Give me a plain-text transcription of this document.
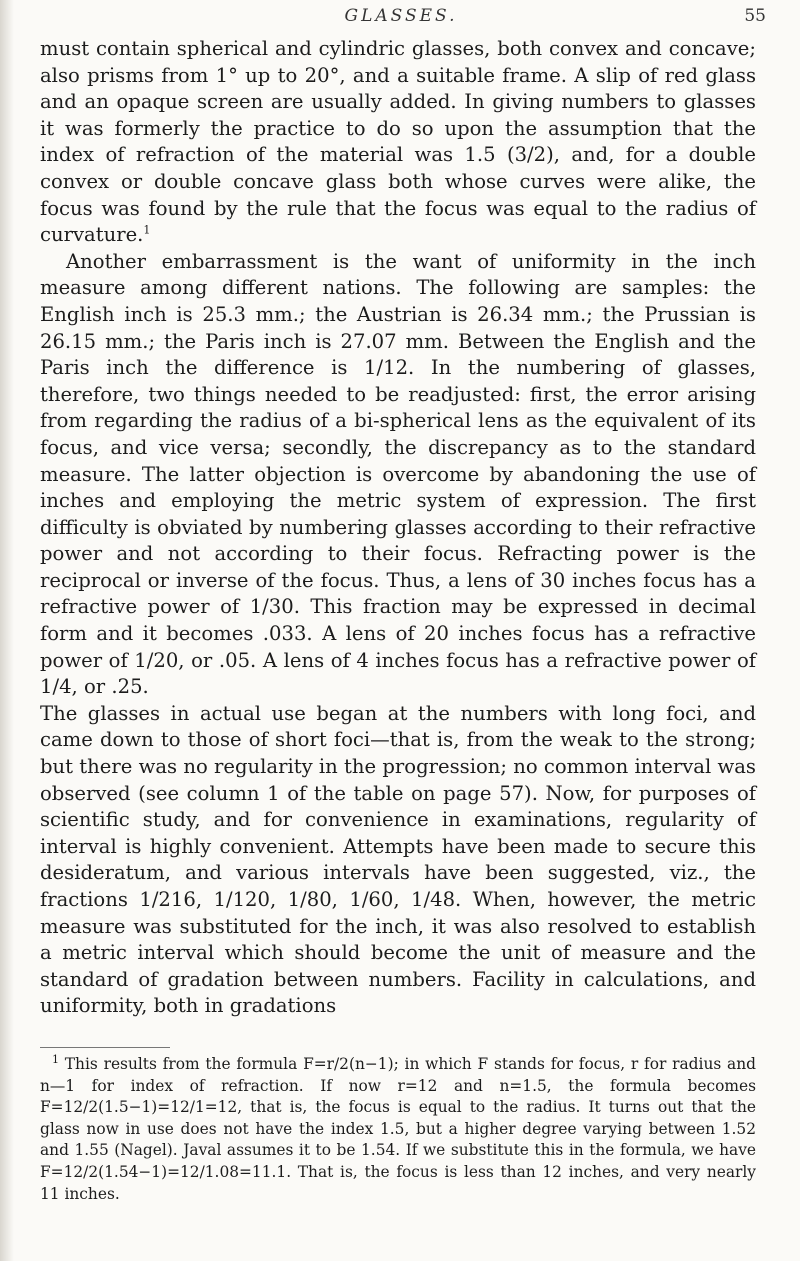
GLASSES.	55

must contain spherical and cylindric glasses, both convex and concave; also prisms from 1° up to 20°, and a suitable frame. A slip of red glass and an opaque screen are usually added. In giving numbers to glasses it was formerly the practice to do so upon the assumption that the index of refraction of the material was 1.5 (3/2), and, for a double convex or double concave glass both whose curves were alike, the focus was found by the rule that the focus was equal to the radius of curvature.$^1$

Another embarrassment is the want of uniformity in the inch measure among different nations. The following are samples: the English inch is 25.3 mm.; the Austrian is 26.34 mm.; the Prussian is 26.15 mm.; the Paris inch is 27.07 mm. Between the English and the Paris inch the difference is 1/12. In the numbering of glasses, therefore, two things needed to be readjusted: first, the error arising from regarding the radius of a bi-spherical lens as the equivalent of its focus, and vice versa; secondly, the discrepancy as to the standard measure. The latter objection is overcome by abandoning the use of inches and employing the metric system of expression. The first difficulty is obviated by numbering glasses according to their refractive power and not according to their focus. Refracting power is the reciprocal or inverse of the focus. Thus, a lens of 30 inches focus has a refractive power of 1/30. This fraction may be expressed in decimal form and it becomes .033. A lens of 20 inches focus has a refractive power of 1/20, or .05. A lens of 4 inches focus has a refractive power of 1/4, or .25.

The glasses in actual use began at the numbers with long foci, and came down to those of short foci—that is, from the weak to the strong; but there was no regularity in the progression; no common interval was observed (see column 1 of the table on page 57). Now, for purposes of scientific study, and for convenience in examinations, regularity of interval is highly convenient. Attempts have been made to secure this desideratum, and various intervals have been suggested, viz., the fractions 1/216, 1/120, 1/80, 1/60, 1/48. When, however, the metric measure was substituted for the inch, it was also resolved to establish a metric interval which should become the unit of measure and the standard of gradation between numbers. Facility in calculations, and uniformity, both in gradations

$^1$ This results from the formula F=r/2(n−1); in which F stands for focus, r for radius and n—1 for index of refraction. If now r=12 and n=1.5, the formula becomes F=12/2(1.5−1)=12/1=12, that is, the focus is equal to the radius. It turns out that the glass now in use does not have the index 1.5, but a higher degree varying between 1.52 and 1.55 (Nagel). Javal assumes it to be 1.54. If we substitute this in the formula, we have F=12/2(1.54−1)=12/1.08=11.1. That is, the focus is less than 12 inches, and very nearly 11 inches.
